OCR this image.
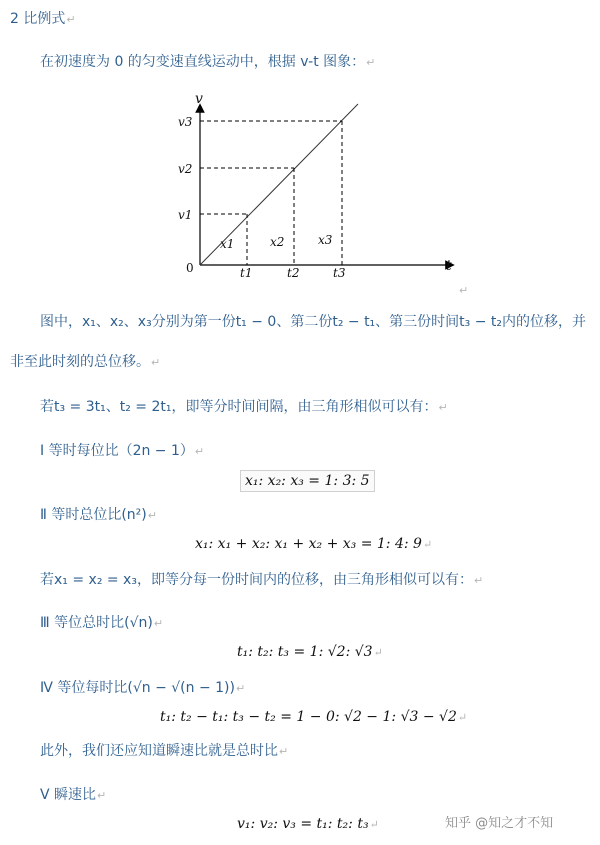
2 比例式↵
在初速度为 0 的匀变速直线运动中，根据 v-t 图象：↵
v
t
0
v1
v2
v3
t1	t2	t3
x1	x2	x3
↵
图中，x₁、x₂、x₃分别为第一份t₁ − 0、第二份t₂ − t₁、第三份时间t₃ − t₂内的位移，并
非至此时刻的总位移。↵
若t₃ = 3t₁、t₂ = 2t₁，即等分时间间隔，由三角形相似可以有：↵
Ⅰ 等时每位比（2n − 1）↵
x₁: x₂: x₃ = 1: 3: 5
Ⅱ 等时总位比(n²)↵
x₁: x₁ + x₂: x₁ + x₂ + x₃ = 1: 4: 9↵
若x₁ = x₂ = x₃，即等分每一份时间内的位移，由三角形相似可以有：↵
Ⅲ 等位总时比(√n)↵
t₁: t₂: t₃ = 1: √2: √3↵
Ⅳ 等位每时比(√n − √(n − 1))↵
t₁: t₂ − t₁: t₃ − t₂ = 1 − 0: √2 − 1: √3 − √2↵
此外，我们还应知道瞬速比就是总时比↵
Ⅴ 瞬速比↵
v₁: v₂: v₃ = t₁: t₂: t₃↵	知乎 @知之才不知
